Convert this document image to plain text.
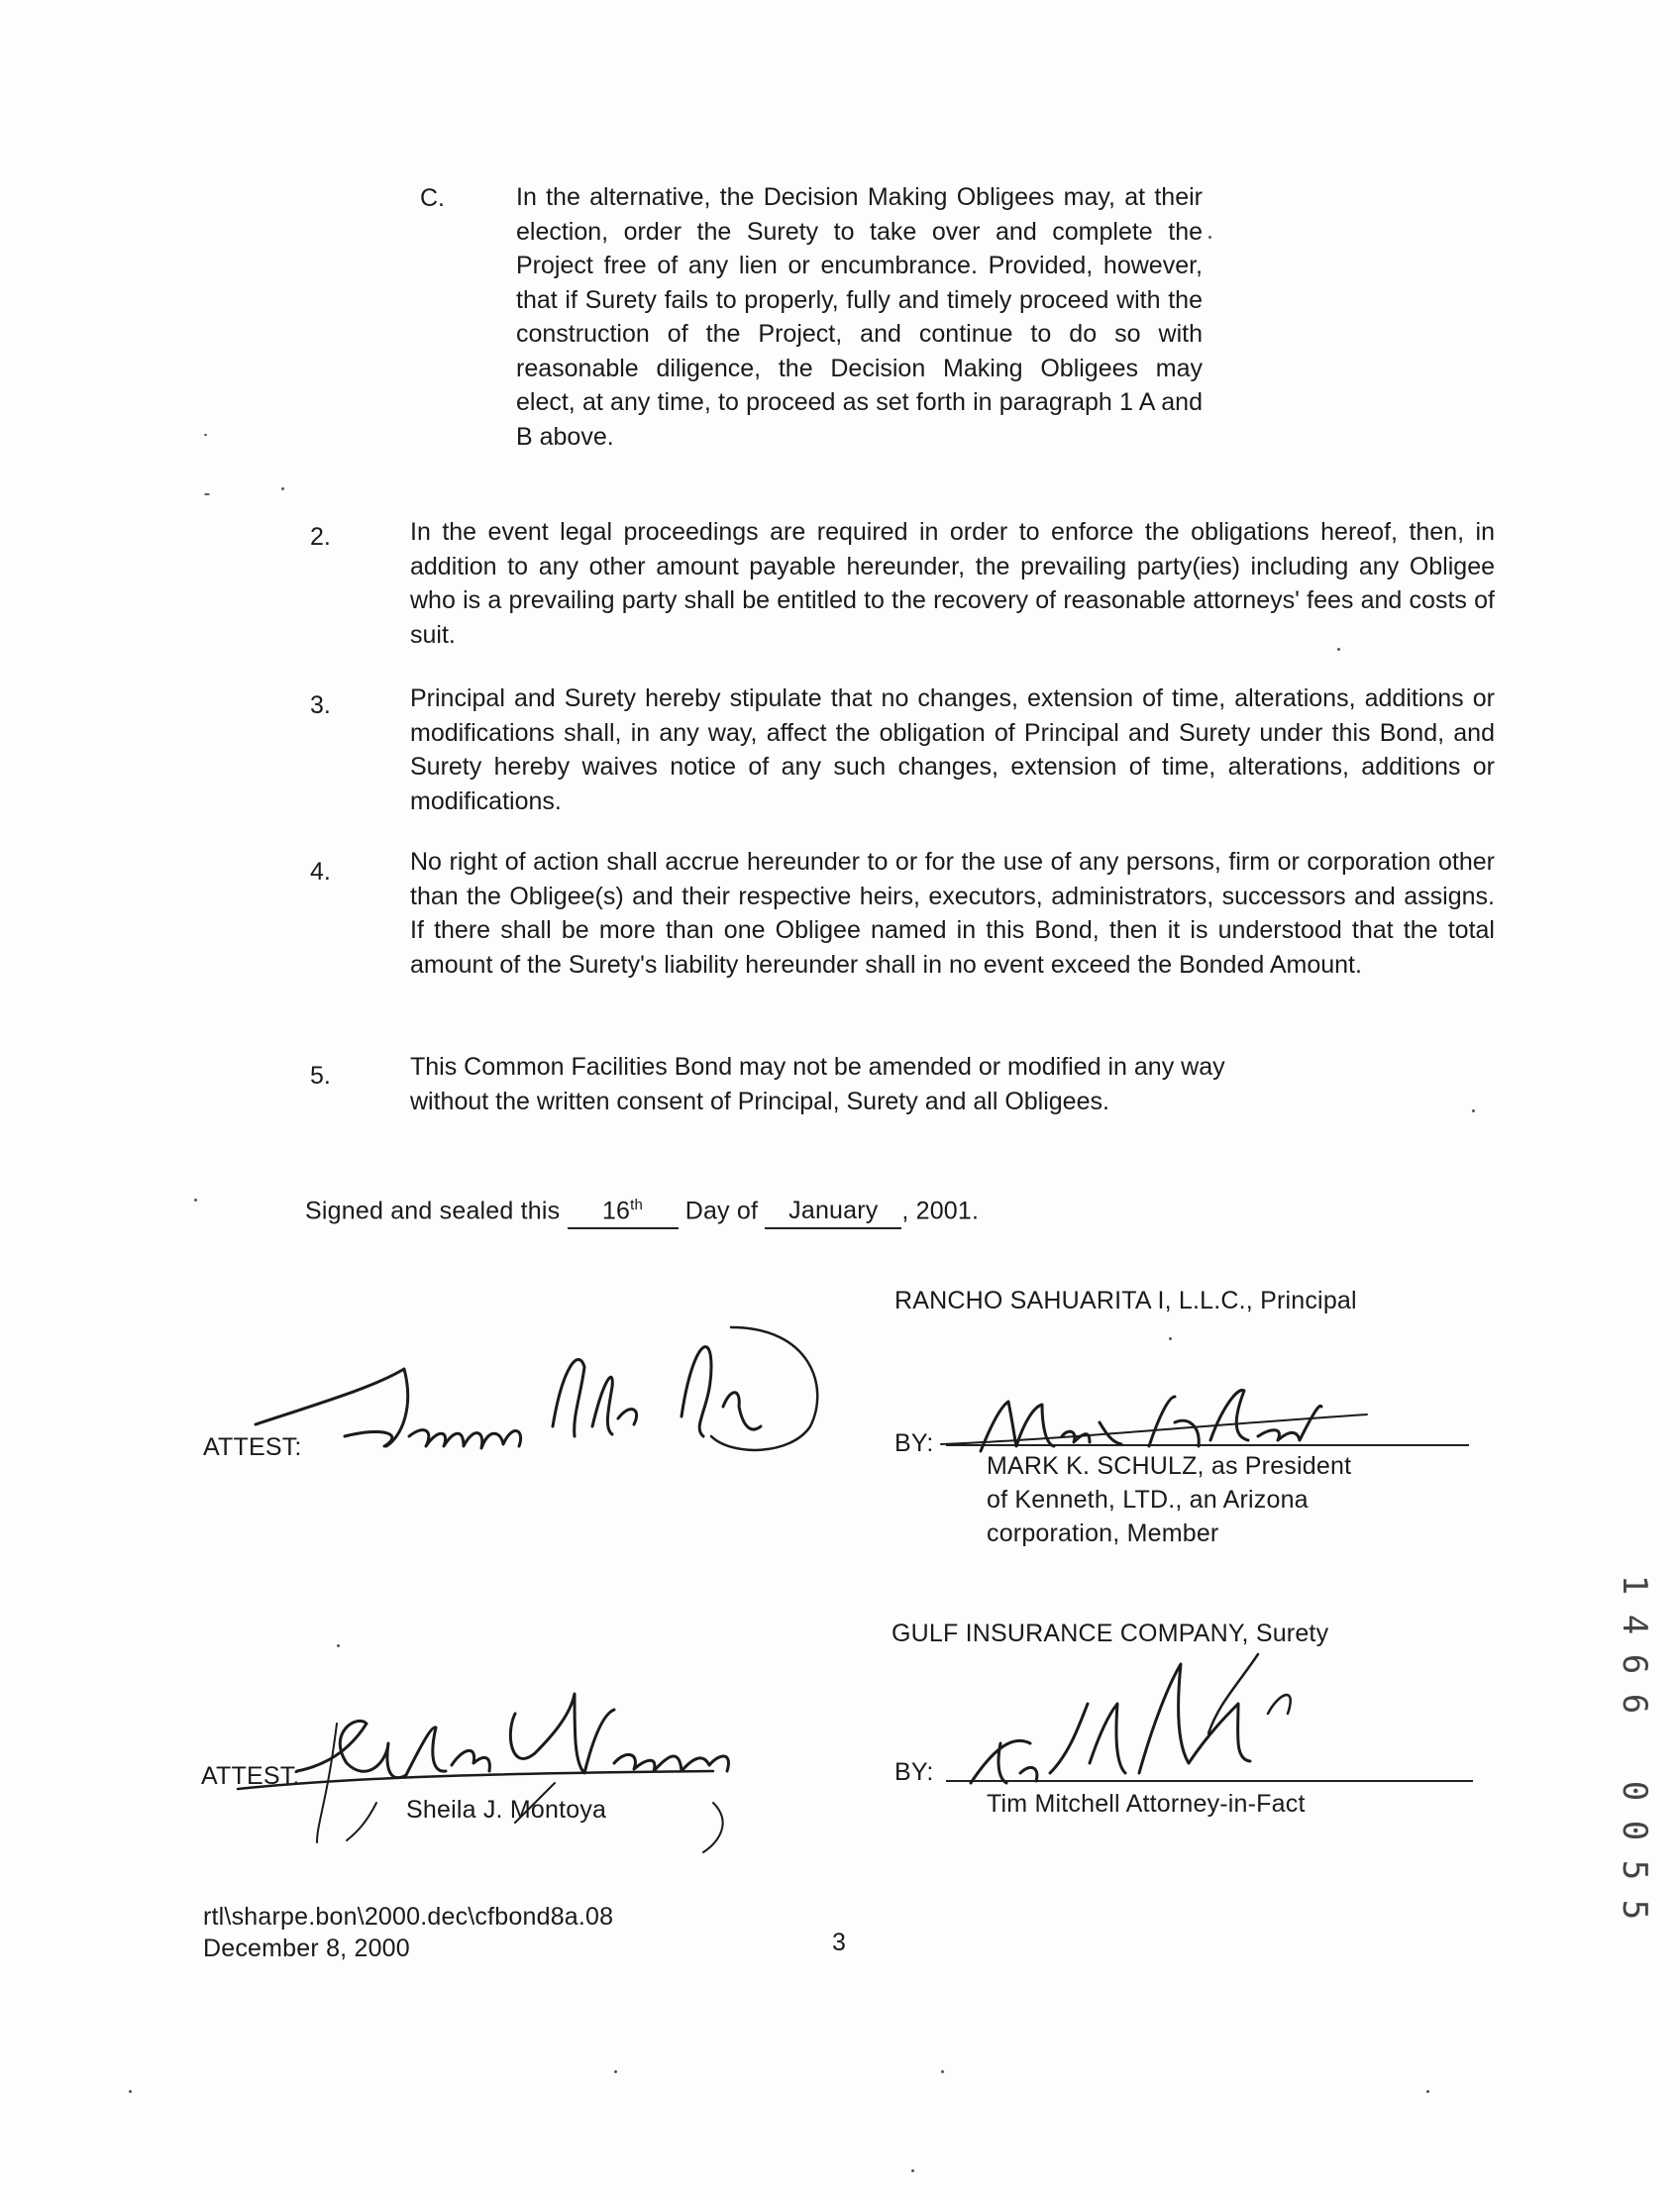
C.	In the alternative, the Decision Making Obligees may, at their election, order the Surety to take over and complete the Project free of any lien or encumbrance. Provided, however, that if Surety fails to properly, fully and timely proceed with the construction of the Project, and continue to do so with reasonable diligence, the Decision Making Obligees may elect, at any time, to proceed as set forth in paragraph 1 A and B above.
2.	In the event legal proceedings are required in order to enforce the obligations hereof, then, in addition to any other amount payable hereunder, the prevailing party(ies) including any Obligee who is a prevailing party shall be entitled to the recovery of reasonable attorneys' fees and costs of suit.
3.	Principal and Surety hereby stipulate that no changes, extension of time, alterations, additions or modifications shall, in any way, affect the obligation of Principal and Surety under this Bond, and Surety hereby waives notice of any such changes, extension of time, alterations, additions or modifications.
4.	No right of action shall accrue hereunder to or for the use of any persons, firm or corporation other than the Obligee(s) and their respective heirs, executors, administrators, successors and assigns. If there shall be more than one Obligee named in this Bond, then it is understood that the total amount of the Surety's liability hereunder shall in no event exceed the Bonded Amount.
5.	This Common Facilities Bond may not be amended or modified in any way without the written consent of Principal, Surety and all Obligees.
Signed and sealed this 16th Day of January , 2001.
RANCHO SAHUARITA I, L.L.C., Principal
ATTEST:	BY:
MARK K. SCHULZ, as President
of Kenneth, LTD., an Arizona
corporation, Member
GULF INSURANCE COMPANY, Surety
ATTEST:
Sheila J. Montoya
BY:
Tim Mitchell Attorney-in-Fact
rtl\sharpe.bon\2000.dec\cfbond8a.08
December 8, 2000	3
1
4
6
6
0
0
5
5
